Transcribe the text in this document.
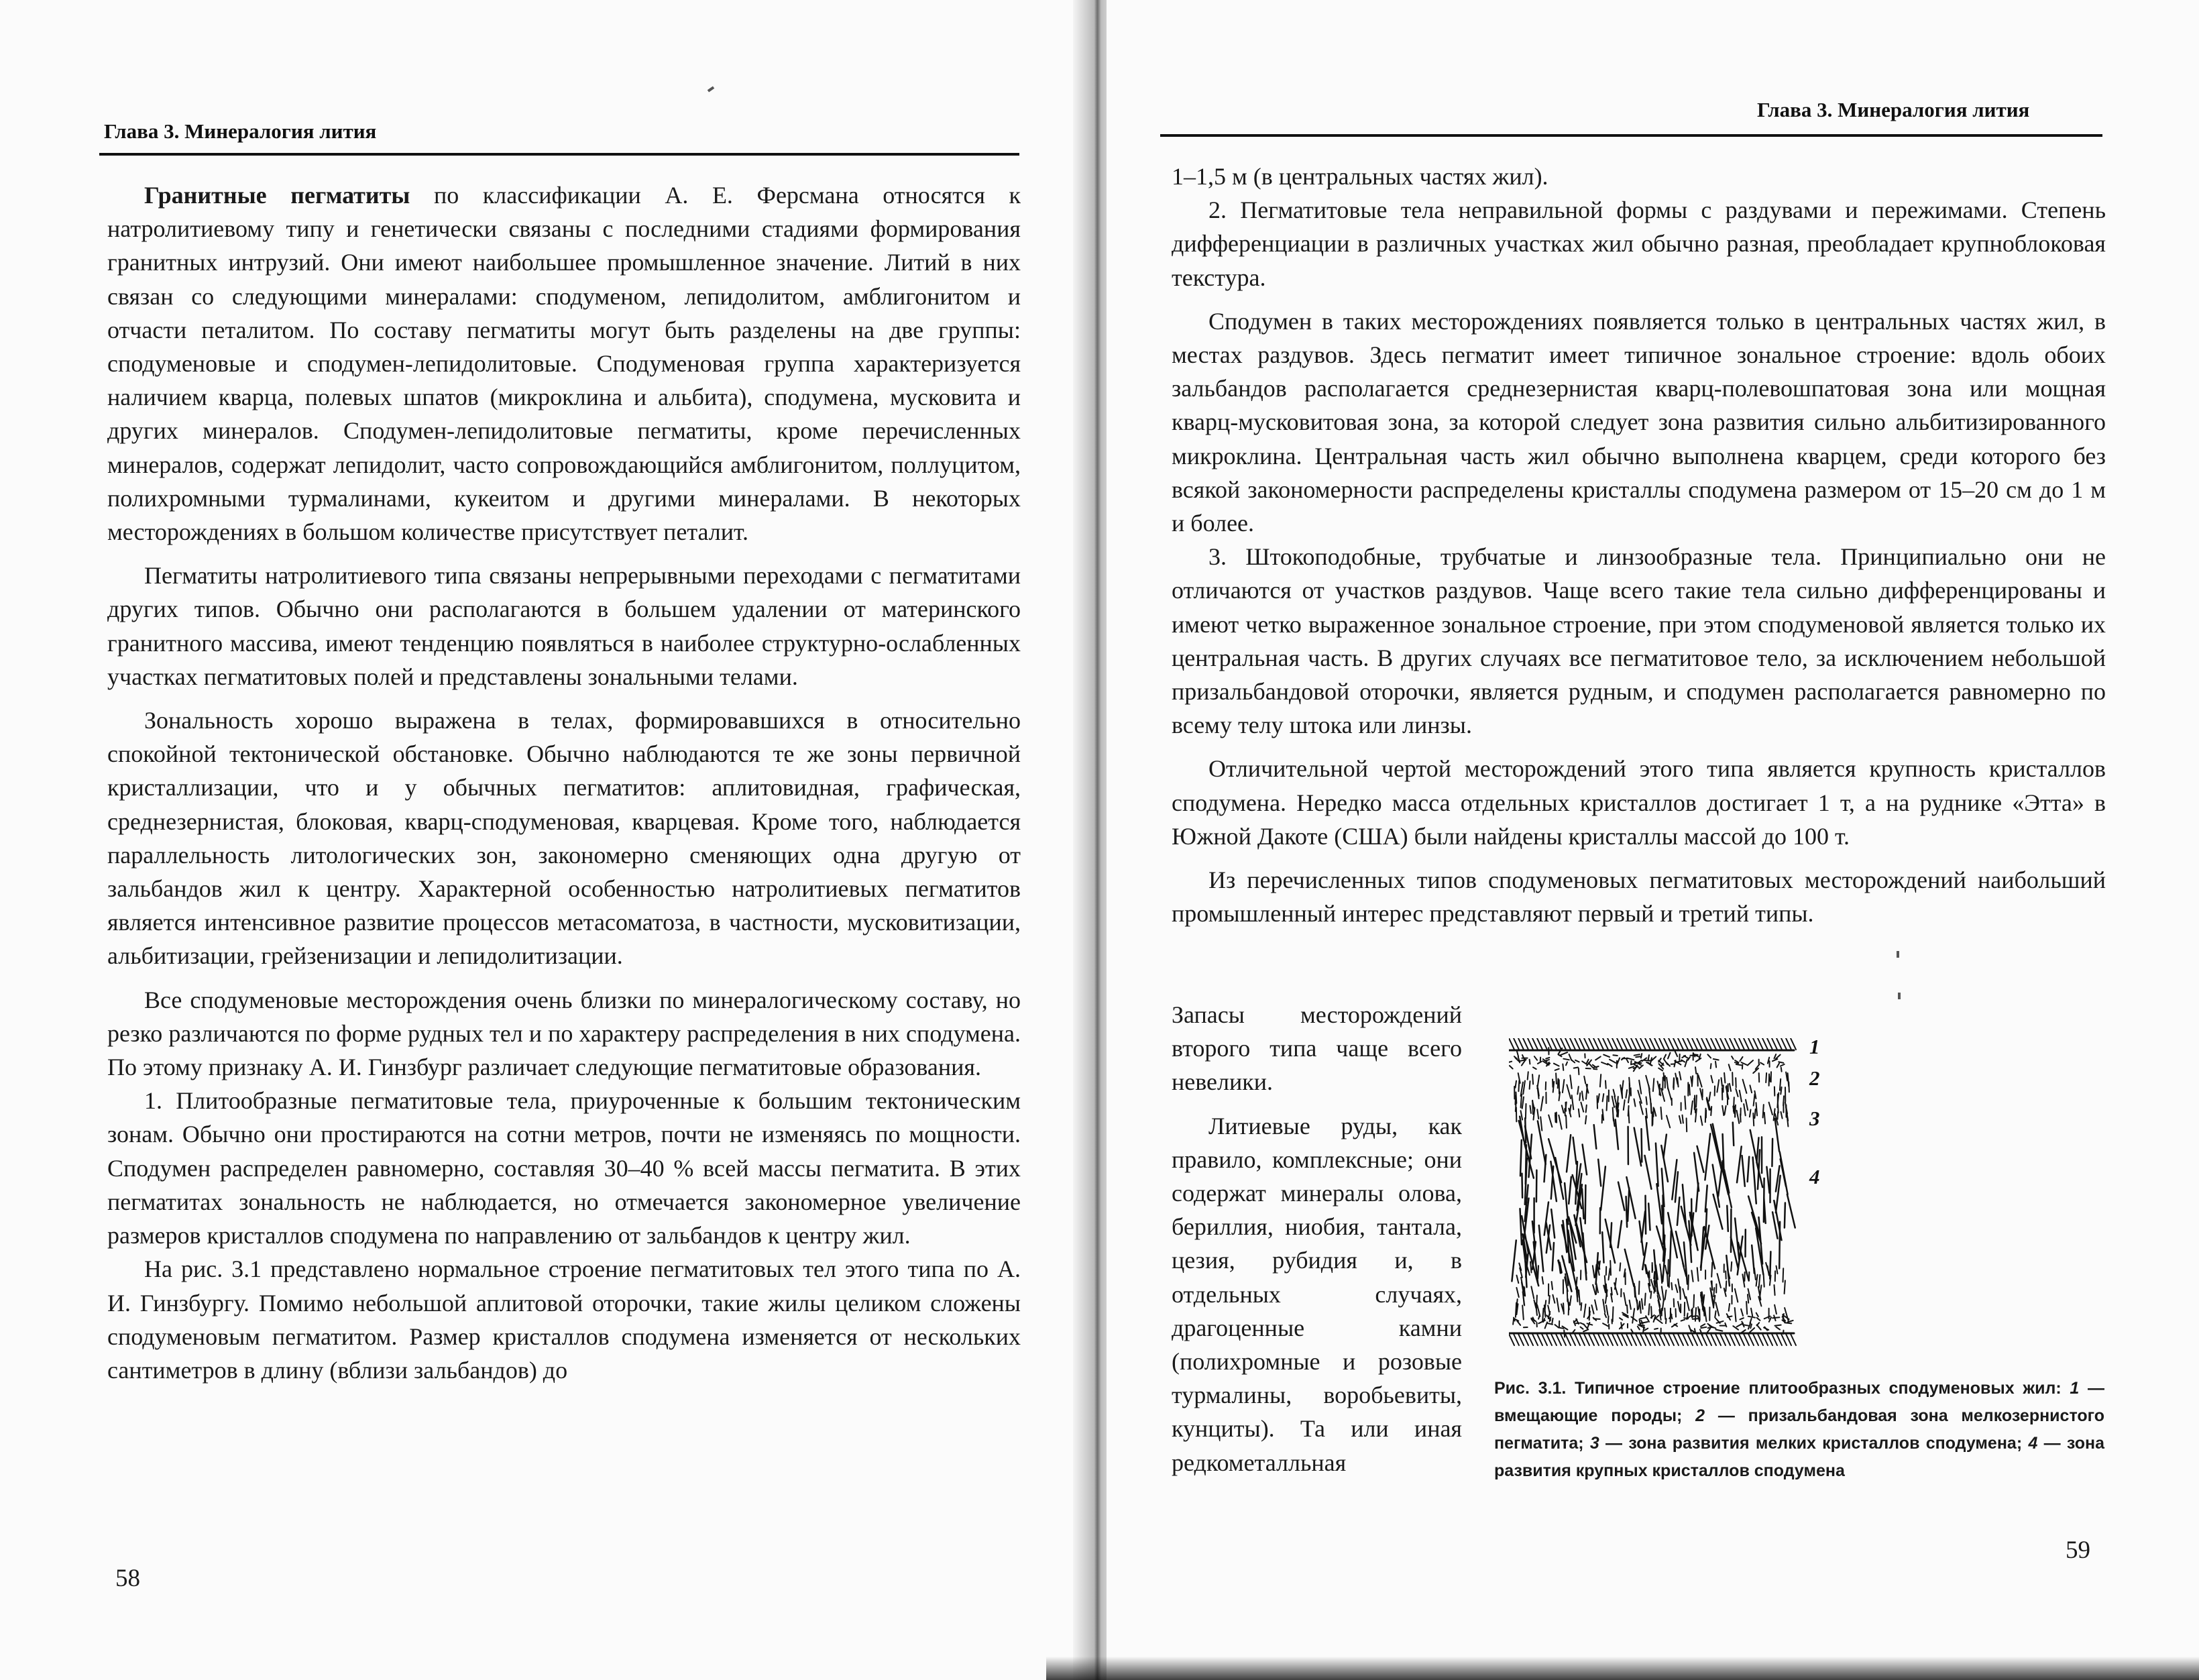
Глава 3. Минералогия лития

Гранитные пегматиты по классификации А. Е. Ферсмана относятся к натролитиевому типу и генетически связаны с последними стадиями формирования гранитных интрузий. Они имеют наибольшее промышленное значение. Литий в них связан со следующими минералами: сподуменом, лепидолитом, амблигонитом и отчасти петалитом. По составу пегматиты могут быть разделены на две группы: сподуменовые и сподумен-лепидолитовые. Сподуменовая группа характеризуется наличием кварца, полевых шпатов (микроклина и альбита), сподумена, мусковита и других минералов. Сподумен-лепидолитовые пегматиты, кроме перечисленных минералов, содержат лепидолит, часто сопровождающийся амблигонитом, поллуцитом, полихромными турмалинами, кукеитом и другими минералами. В некоторых месторождениях в большом количестве присутствует петалит.

Пегматиты натролитиевого типа связаны непрерывными переходами с пегматитами других типов. Обычно они располагаются в большем удалении от материнского гранитного массива, имеют тенденцию появляться в наиболее структурно-ослабленных участках пегматитовых полей и представлены зональными телами.

Зональность хорошо выражена в телах, формировавшихся в относительно спокойной тектонической обстановке. Обычно наблюдаются те же зоны первичной кристаллизации, что и у обычных пегматитов: аплитовидная, графическая, среднезернистая, блоковая, кварц-сподуменовая, кварцевая. Кроме того, наблюдается параллельность литологических зон, закономерно сменяющих одна другую от зальбандов жил к центру. Характерной особенностью натролитиевых пегматитов является интенсивное развитие процессов метасоматоза, в частности, мусковитизации, альбитизации, грейзенизации и лепидолитизации.

Все сподуменовые месторождения очень близки по минералогическому составу, но резко различаются по форме рудных тел и по характеру распределения в них сподумена. По этому признаку А. И. Гинзбург различает следующие пегматитовые образования.

1. Плитообразные пегматитовые тела, приуроченные к большим тектоническим зонам. Обычно они простираются на сотни метров, почти не изменяясь по мощности. Сподумен распределен равномерно, составляя 30–40 % всей массы пегматита. В этих пегматитах зональность не наблюдается, но отмечается закономерное увеличение размеров кристаллов сподумена по направлению от зальбандов к центру жил.

На рис. 3.1 представлено нормальное строение пегматитовых тел этого типа по А. И. Гинзбургу. Помимо небольшой аплитовой оторочки, такие жилы целиком сложены сподуменовым пегматитом. Размер кристаллов сподумена изменяется от нескольких сантиметров в длину (вблизи зальбандов) до

58
Глава 3. Минералогия лития

1–1,5 м (в центральных частях жил).

2. Пегматитовые тела неправильной формы с раздувами и пережимами. Степень дифференциации в различных участках жил обычно разная, преобладает крупноблоковая текстура.

Сподумен в таких месторождениях появляется только в центральных частях жил, в местах раздувов. Здесь пегматит имеет типичное зональное строение: вдоль обоих зальбандов располагается среднезернистая кварц-полевошпатовая зона или мощная кварц-мусковитовая зона, за которой следует зона развития сильно альбитизированного микроклина. Центральная часть жил обычно выполнена кварцем, среди которого без всякой закономерности распределены кристаллы сподумена размером от 15–20 см до 1 м и более.

3. Штокоподобные, трубчатые и линзообразные тела. Принципиально они не отличаются от участков раздувов. Чаще всего такие тела сильно дифференцированы и имеют четко выраженное зональное строение, при этом сподуменовой является только их центральная часть. В других случаях все пегматитовое тело, за исключением небольшой призальбандовой оторочки, является рудным, и сподумен располагается равномерно по всему телу штока или линзы.

Отличительной чертой месторождений этого типа является крупность кристаллов сподумена. Нередко масса отдельных кристаллов достигает 1 т, а на руднике «Этта» в Южной Дакоте (США) были найдены кристаллы массой до 100 т.

Из перечисленных типов сподуменовых пегматитовых месторождений наибольший промышленный интерес представляют первый и третий типы.

Запасы месторождений второго типа чаще всего невелики.

Литиевые руды, как правило, комплексные; они содержат минералы олова, бериллия, ниобия, тантала, цезия, рубидия и, в отдельных случаях, драгоценные камни (полихромные и розовые турмалины, воробьевиты, кунциты). Та или иная редкометалльная

1
2
3
4
Рис. 3.1. Типичное строение плитообразных сподуменовых жил: 1 — вмещающие породы; 2 — призальбандовая зона мелкозернистого пегматита; 3 — зона развития мелких кристаллов сподумена; 4 — зона развития крупных кристаллов сподумена
59
